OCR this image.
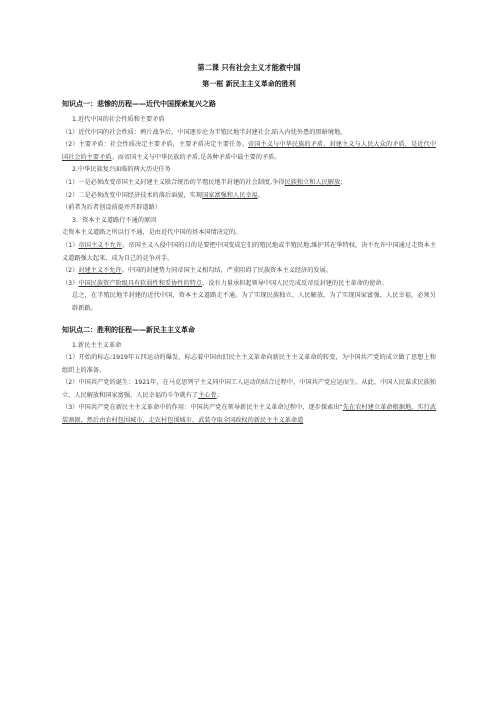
第二课 只有社会主义才能救中国
第一框 新民主主义革命的胜利
知识点一：悲惨的历程——近代中国探索复兴之路

1.近代中国的社会性质和主要矛盾

（1）近代中国的社会性质：鸦片战争后，中国逐步沦为半殖民地半封建社会,陷入内忧外患的黑暗境地。

（2）主要矛盾：社会性质决定主要矛盾，主要矛盾决定主要任务。帝国主义与中华民族的矛盾、封建主义与人民大众的矛盾，是近代中国社会的主要矛盾。而帝国主义与中华民族的矛盾,是各种矛盾中最主要的矛盾。

2.中华民族复兴面临的两大历史任务

（1）一是必须改变帝国主义封建主义联合统治的半殖民地半封建的社会制度,争得民族独立和人民解放；

（2）二是必须改变中国经济技术的落后面貌，实现国家富强和人民幸福。

（前者为后者创设前提并开辟道路）

3．资本主义道路行不通的原因

走资本主义道路之所以行不通，是由近代中国的基本国情决定的。

（1）帝国主义不允许。帝国主义入侵中国的目的是要把中国变成它们的殖民地或半殖民地,维护其在华特权，决不允许中国通过走资本主义道路强大起来，成为自己的竞争对手。

（2）封建主义不允许。中国的封建势力同帝国主义相勾结，严重阻碍了民族资本主义经济的发展。

（3）中国民族资产阶级具有软弱性和妥协性的特点，没有力量承担起领导中国人民完成反帝反封建的民主革命的使命。

总之，在半殖民地半封建的近代中国，资本主义道路走不通。为了实现民族独立、人民解放，为了实现国家富强、人民幸福，必须另辟新路。

知识点二：胜利的征程——新民主主义革命

1.新民主主义革命

（1）开始的标志:1919年五四运动的爆发，标志着中国由旧民主主义革命向新民主主义革命的转变，为中国共产党的成立做了思想上和组织上的准备。

（2）中国共产党的诞生：1921年，在马克思列宁主义同中国工人运动的结合过程中，中国共产党应运而生。从此，中国人民谋求民族独立、人民解放和国家富强、人民幸福的斗争就有了主心骨。

（3）中国共产党在新民主主义革命中的作用：中国共产党在领导新民主主义革命过程中，逐步探索出“先在农村建立革命根据地，实行武装割据，然后由农村包围城市，走农村包围城市、武装夺取全国政权的新民主主义革命道
